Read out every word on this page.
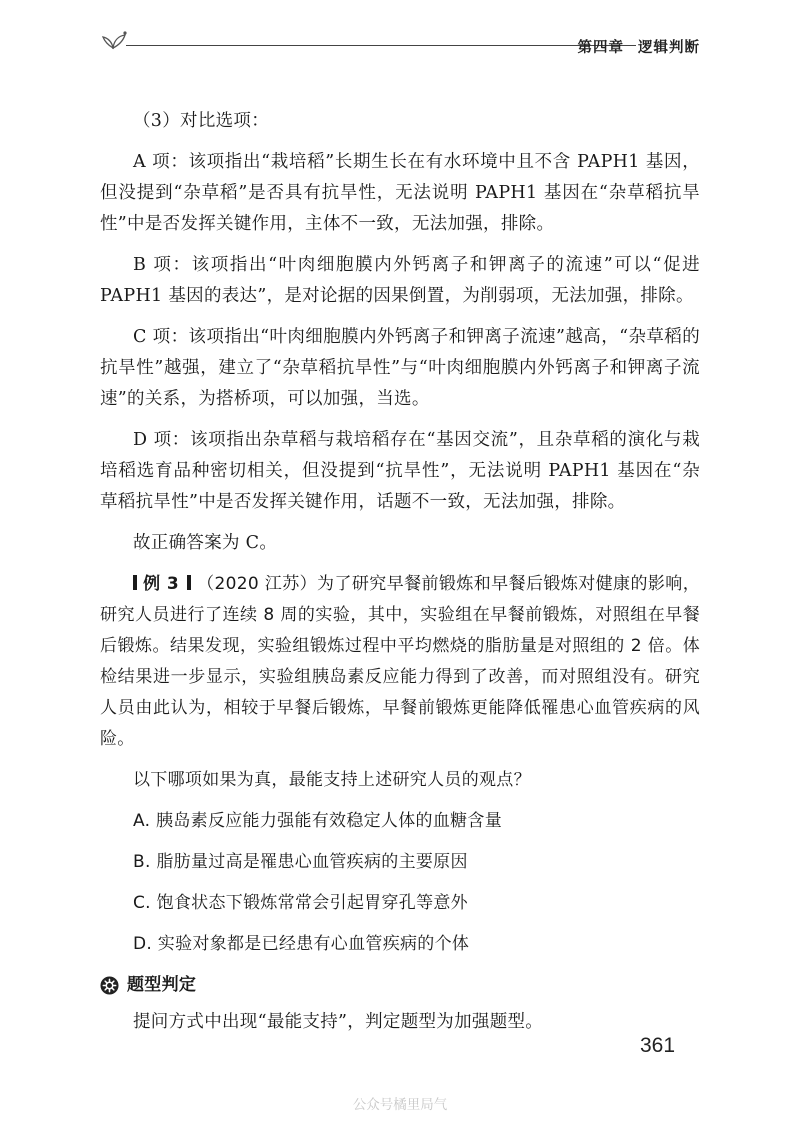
第四章 逻辑判断

（3）对比选项：

A 项：该项指出“栽培稻”长期生长在有水环境中且不含 PAPH1 基因，但没提到“杂草稻”是否具有抗旱性，无法说明 PAPH1 基因在“杂草稻抗旱性”中是否发挥关键作用，主体不一致，无法加强，排除。

B 项：该项指出“叶肉细胞膜内外钙离子和钾离子的流速”可以“促进 PAPH1 基因的表达”，是对论据的因果倒置，为削弱项，无法加强，排除。

C 项：该项指出“叶肉细胞膜内外钙离子和钾离子流速”越高，“杂草稻的抗旱性”越强，建立了“杂草稻抗旱性”与“叶肉细胞膜内外钙离子和钾离子流速”的关系，为搭桥项，可以加强，当选。

D 项：该项指出杂草稻与栽培稻存在“基因交流”，且杂草稻的演化与栽培稻选育品种密切相关，但没提到“抗旱性”，无法说明 PAPH1 基因在“杂草稻抗旱性”中是否发挥关键作用，话题不一致，无法加强，排除。

故正确答案为 C。

例 3 （2020 江苏）为了研究早餐前锻炼和早餐后锻炼对健康的影响，研究人员进行了连续 8 周的实验，其中，实验组在早餐前锻炼，对照组在早餐后锻炼。结果发现，实验组锻炼过程中平均燃烧的脂肪量是对照组的 2 倍。体检结果进一步显示，实验组胰岛素反应能力得到了改善，而对照组没有。研究人员由此认为，相较于早餐后锻炼，早餐前锻炼更能降低罹患心血管疾病的风险。

以下哪项如果为真，最能支持上述研究人员的观点？

A. 胰岛素反应能力强能有效稳定人体的血糖含量
B. 脂肪量过高是罹患心血管疾病的主要原因
C. 饱食状态下锻炼常常会引起胃穿孔等意外
D. 实验对象都是已经患有心血管疾病的个体
题型判定

提问方式中出现“最能支持”，判定题型为加强题型。

361
公众号橘里局气
